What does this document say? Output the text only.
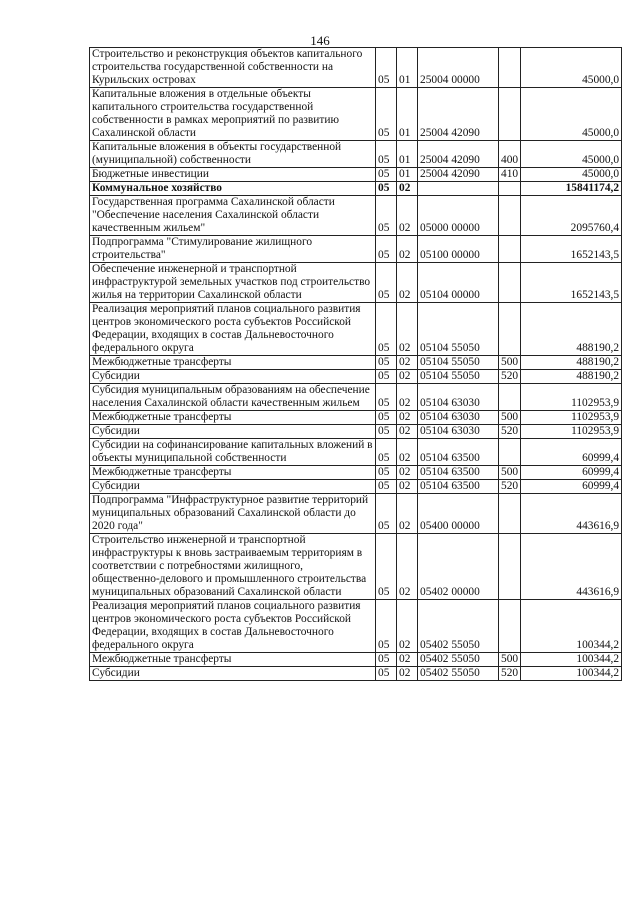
146
Строительство и реконструкция объектов капитального строительства государственной собственности на Курильских островах	05	01	25004 00000		45000,0
Капитальные вложения в отдельные объекты капитального строительства государственной собственности в рамках мероприятий по развитию Сахалинской области	05	01	25004 42090		45000,0
Капитальные вложения в объекты государственной (муниципальной) собственности	05	01	25004 42090	400	45000,0
Бюджетные инвестиции	05	01	25004 42090	410	45000,0
Коммунальное хозяйство	05	02			15841174,2
Государственная программа Сахалинской области "Обеспечение населения Сахалинской области качественным жильем"	05	02	05000 00000		2095760,4
Подпрограмма "Стимулирование жилищного строительства"	05	02	05100 00000		1652143,5
Обеспечение инженерной и транспортной инфраструктурой земельных участков под строительство жилья на территории Сахалинской области	05	02	05104 00000		1652143,5
Реализация мероприятий планов социального развития центров экономического роста субъектов Российской Федерации, входящих в состав Дальневосточного федерального округа	05	02	05104 55050		488190,2
Межбюджетные трансферты	05	02	05104 55050	500	488190,2
Субсидии	05	02	05104 55050	520	488190,2
Субсидия муниципальным образованиям на обеспечение населения Сахалинской области качественным жильем	05	02	05104 63030		1102953,9
Межбюджетные трансферты	05	02	05104 63030	500	1102953,9
Субсидии	05	02	05104 63030	520	1102953,9
Субсидии на софинансирование капитальных вложений в объекты муниципальной собственности	05	02	05104 63500		60999,4
Межбюджетные трансферты	05	02	05104 63500	500	60999,4
Субсидии	05	02	05104 63500	520	60999,4
Подпрограмма "Инфраструктурное развитие территорий муниципальных образований Сахалинской области до 2020 года"	05	02	05400 00000		443616,9
Строительство инженерной и транспортной инфраструктуры к вновь застраиваемым территориям в соответствии с потребностями жилищного, общественно-делового и промышленного строительства муниципальных образований Сахалинской области	05	02	05402 00000		443616,9
Реализация мероприятий планов социального развития центров экономического роста субъектов Российской Федерации, входящих в состав Дальневосточного федерального округа	05	02	05402 55050		100344,2
Межбюджетные трансферты	05	02	05402 55050	500	100344,2
Субсидии	05	02	05402 55050	520	100344,2
